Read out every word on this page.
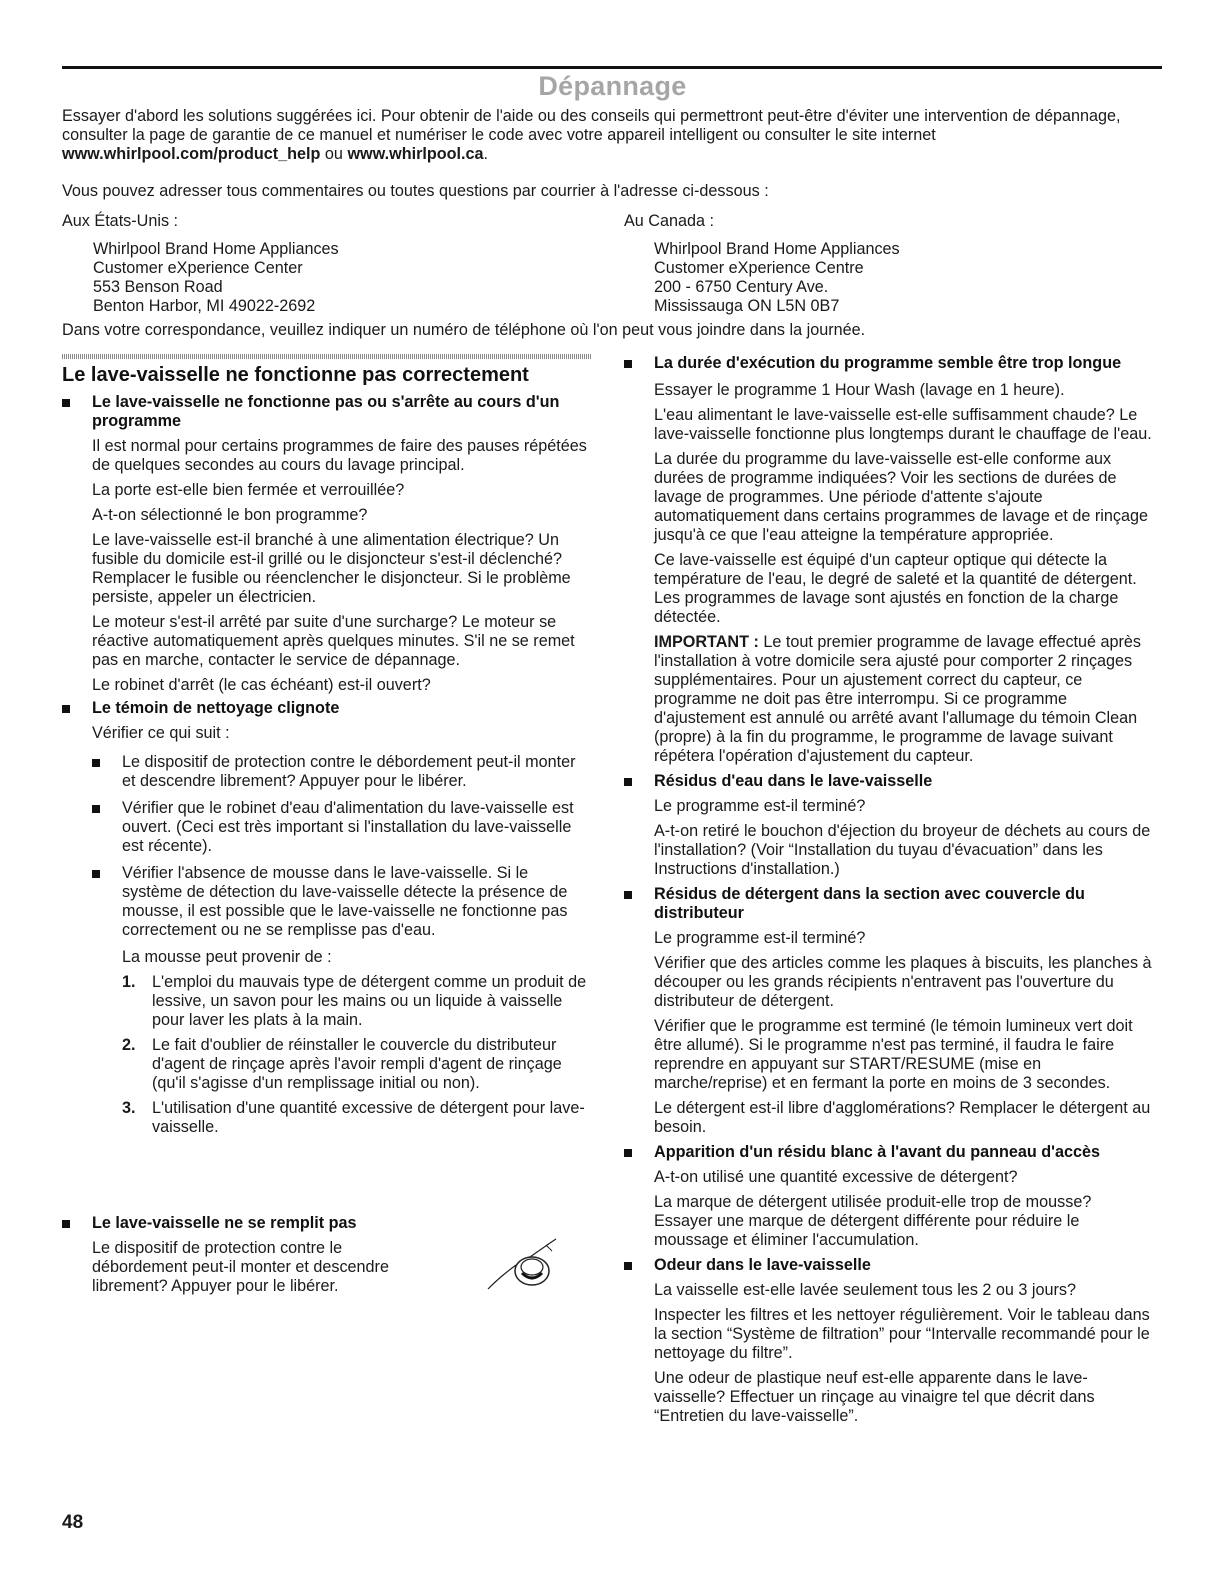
Dépannage

Essayer d'abord les solutions suggérées ici. Pour obtenir de l'aide ou des conseils qui permettront peut-être d'éviter une intervention de dépannage, consulter la page de garantie de ce manuel et numériser le code avec votre appareil intelligent ou consulter le site internet www.whirlpool.com/product_help ou www.whirlpool.ca.

Vous pouvez adresser tous commentaires ou toutes questions par courrier à l'adresse ci-dessous :

Aux États-Unis :
Whirlpool Brand Home Appliances
Customer eXperience Center
553 Benson Road
Benton Harbor, MI 49022-2692
Au Canada :
Whirlpool Brand Home Appliances
Customer eXperience Centre
200 - 6750 Century Ave.
Mississauga ON L5N 0B7

Dans votre correspondance, veuillez indiquer un numéro de téléphone où l'on peut vous joindre dans la journée.

Le lave-vaisselle ne fonctionne pas correctement
Le lave-vaisselle ne fonctionne pas ou s'arrête au cours d'un programme

Il est normal pour certains programmes de faire des pauses répétées de quelques secondes au cours du lavage principal.

La porte est-elle bien fermée et verrouillée?

A-t-on sélectionné le bon programme?

Le lave-vaisselle est-il branché à une alimentation électrique? Un fusible du domicile est-il grillé ou le disjoncteur s'est-il déclenché? Remplacer le fusible ou réenclencher le disjoncteur. Si le problème persiste, appeler un électricien.

Le moteur s'est-il arrêté par suite d'une surcharge? Le moteur se réactive automatiquement après quelques minutes. S'il ne se remet pas en marche, contacter le service de dépannage.

Le robinet d'arrêt (le cas échéant) est-il ouvert?

Le témoin de nettoyage clignote

Vérifier ce qui suit :

Le dispositif de protection contre le débordement peut-il monter et descendre librement? Appuyer pour le libérer.

Vérifier que le robinet d'eau d'alimentation du lave-vaisselle est ouvert. (Ceci est très important si l'installation du lave-vaisselle est récente).

Vérifier l'absence de mousse dans le lave-vaisselle. Si le système de détection du lave-vaisselle détecte la présence de mousse, il est possible que le lave-vaisselle ne fonctionne pas correctement ou ne se remplisse pas d'eau.

La mousse peut provenir de :

1. L'emploi du mauvais type de détergent comme un produit de lessive, un savon pour les mains ou un liquide à vaisselle pour laver les plats à la main.

2. Le fait d'oublier de réinstaller le couvercle du distributeur d'agent de rinçage après l'avoir rempli d'agent de rinçage (qu'il s'agisse d'un remplissage initial ou non).

3. L'utilisation d'une quantité excessive de détergent pour lave-vaisselle.

Le lave-vaisselle ne se remplit pas

Le dispositif de protection contre le débordement peut-il monter et descendre librement? Appuyer pour le libérer.

La durée d'exécution du programme semble être trop longue

Essayer le programme 1 Hour Wash (lavage en 1 heure).

L'eau alimentant le lave-vaisselle est-elle suffisamment chaude? Le lave-vaisselle fonctionne plus longtemps durant le chauffage de l'eau.

La durée du programme du lave-vaisselle est-elle conforme aux durées de programme indiquées? Voir les sections de durées de lavage de programmes. Une période d'attente s'ajoute automatiquement dans certains programmes de lavage et de rinçage jusqu'à ce que l'eau atteigne la température appropriée.

Ce lave-vaisselle est équipé d'un capteur optique qui détecte la température de l'eau, le degré de saleté et la quantité de détergent. Les programmes de lavage sont ajustés en fonction de la charge détectée.

IMPORTANT : Le tout premier programme de lavage effectué après l'installation à votre domicile sera ajusté pour comporter 2 rinçages supplémentaires. Pour un ajustement correct du capteur, ce programme ne doit pas être interrompu. Si ce programme d'ajustement est annulé ou arrêté avant l'allumage du témoin Clean (propre) à la fin du programme, le programme de lavage suivant répétera l'opération d'ajustement du capteur.

Résidus d'eau dans le lave-vaisselle

Le programme est-il terminé?

A-t-on retiré le bouchon d'éjection du broyeur de déchets au cours de l'installation? (Voir “Installation du tuyau d'évacuation” dans les Instructions d'installation.)

Résidus de détergent dans la section avec couvercle du distributeur

Le programme est-il terminé?

Vérifier que des articles comme les plaques à biscuits, les planches à découper ou les grands récipients n'entravent pas l'ouverture du distributeur de détergent.

Vérifier que le programme est terminé (le témoin lumineux vert doit être allumé). Si le programme n'est pas terminé, il faudra le faire reprendre en appuyant sur START/RESUME (mise en marche/reprise) et en fermant la porte en moins de 3 secondes.

Le détergent est-il libre d'agglomérations? Remplacer le détergent au besoin.

Apparition d'un résidu blanc à l'avant du panneau d'accès

A-t-on utilisé une quantité excessive de détergent?

La marque de détergent utilisée produit-elle trop de mousse? Essayer une marque de détergent différente pour réduire le moussage et éliminer l'accumulation.

Odeur dans le lave-vaisselle

La vaisselle est-elle lavée seulement tous les 2 ou 3 jours?

Inspecter les filtres et les nettoyer régulièrement. Voir le tableau dans la section “Système de filtration” pour “Intervalle recommandé pour le nettoyage du filtre”.

Une odeur de plastique neuf est-elle apparente dans le lave-vaisselle? Effectuer un rinçage au vinaigre tel que décrit dans “Entretien du lave-vaisselle”.

48
